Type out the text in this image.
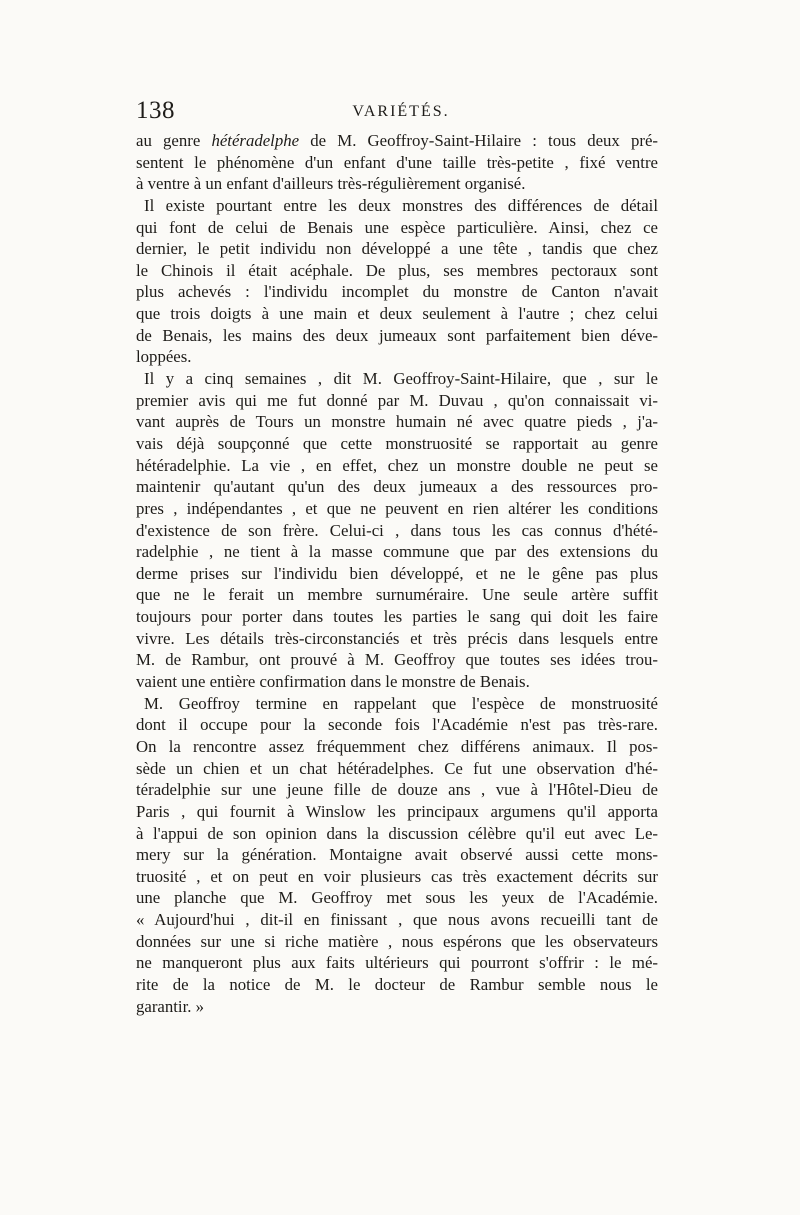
138	VARIÉTÉS.
au genre hétéradelphe de M. Geoffroy-Saint-Hilaire : tous deux pré-
sentent le phénomène d'un enfant d'une taille très-petite , fixé ventre
à ventre à un enfant d'ailleurs très-régulièrement organisé.
Il existe pourtant entre les deux monstres des différences de détail
qui font de celui de Benais une espèce particulière. Ainsi, chez ce
dernier, le petit individu non développé a une tête , tandis que chez
le Chinois il était acéphale. De plus, ses membres pectoraux sont
plus achevés : l'individu incomplet du monstre de Canton n'avait
que trois doigts à une main et deux seulement à l'autre ; chez celui
de Benais, les mains des deux jumeaux sont parfaitement bien déve-
loppées.
Il y a cinq semaines , dit M. Geoffroy-Saint-Hilaire, que , sur le
premier avis qui me fut donné par M. Duvau , qu'on connaissait vi-
vant auprès de Tours un monstre humain né avec quatre pieds , j'a-
vais déjà soupçonné que cette monstruosité se rapportait au genre
hétéradelphie. La vie , en effet, chez un monstre double ne peut se
maintenir qu'autant qu'un des deux jumeaux a des ressources pro-
pres , indépendantes , et que ne peuvent en rien altérer les conditions
d'existence de son frère. Celui-ci , dans tous les cas connus d'hété-
radelphie , ne tient à la masse commune que par des extensions du
derme prises sur l'individu bien développé, et ne le gêne pas plus
que ne le ferait un membre surnuméraire. Une seule artère suffit
toujours pour porter dans toutes les parties le sang qui doit les faire
vivre. Les détails très-circonstanciés et très précis dans lesquels entre
M. de Rambur, ont prouvé à M. Geoffroy que toutes ses idées trou-
vaient une entière confirmation dans le monstre de Benais.
M. Geoffroy termine en rappelant que l'espèce de monstruosité
dont il occupe pour la seconde fois l'Académie n'est pas très-rare.
On la rencontre assez fréquemment chez différens animaux. Il pos-
sède un chien et un chat hétéradelphes. Ce fut une observation d'hé-
téradelphie sur une jeune fille de douze ans , vue à l'Hôtel-Dieu de
Paris , qui fournit à Winslow les principaux argumens qu'il apporta
à l'appui de son opinion dans la discussion célèbre qu'il eut avec Le-
mery sur la génération. Montaigne avait observé aussi cette mons-
truosité , et on peut en voir plusieurs cas très exactement décrits sur
une planche que M. Geoffroy met sous les yeux de l'Académie.
« Aujourd'hui , dit-il en finissant , que nous avons recueilli tant de
données sur une si riche matière , nous espérons que les observateurs
ne manqueront plus aux faits ultérieurs qui pourront s'offrir : le mé-
rite de la notice de M. le docteur de Rambur semble nous le
garantir. »
